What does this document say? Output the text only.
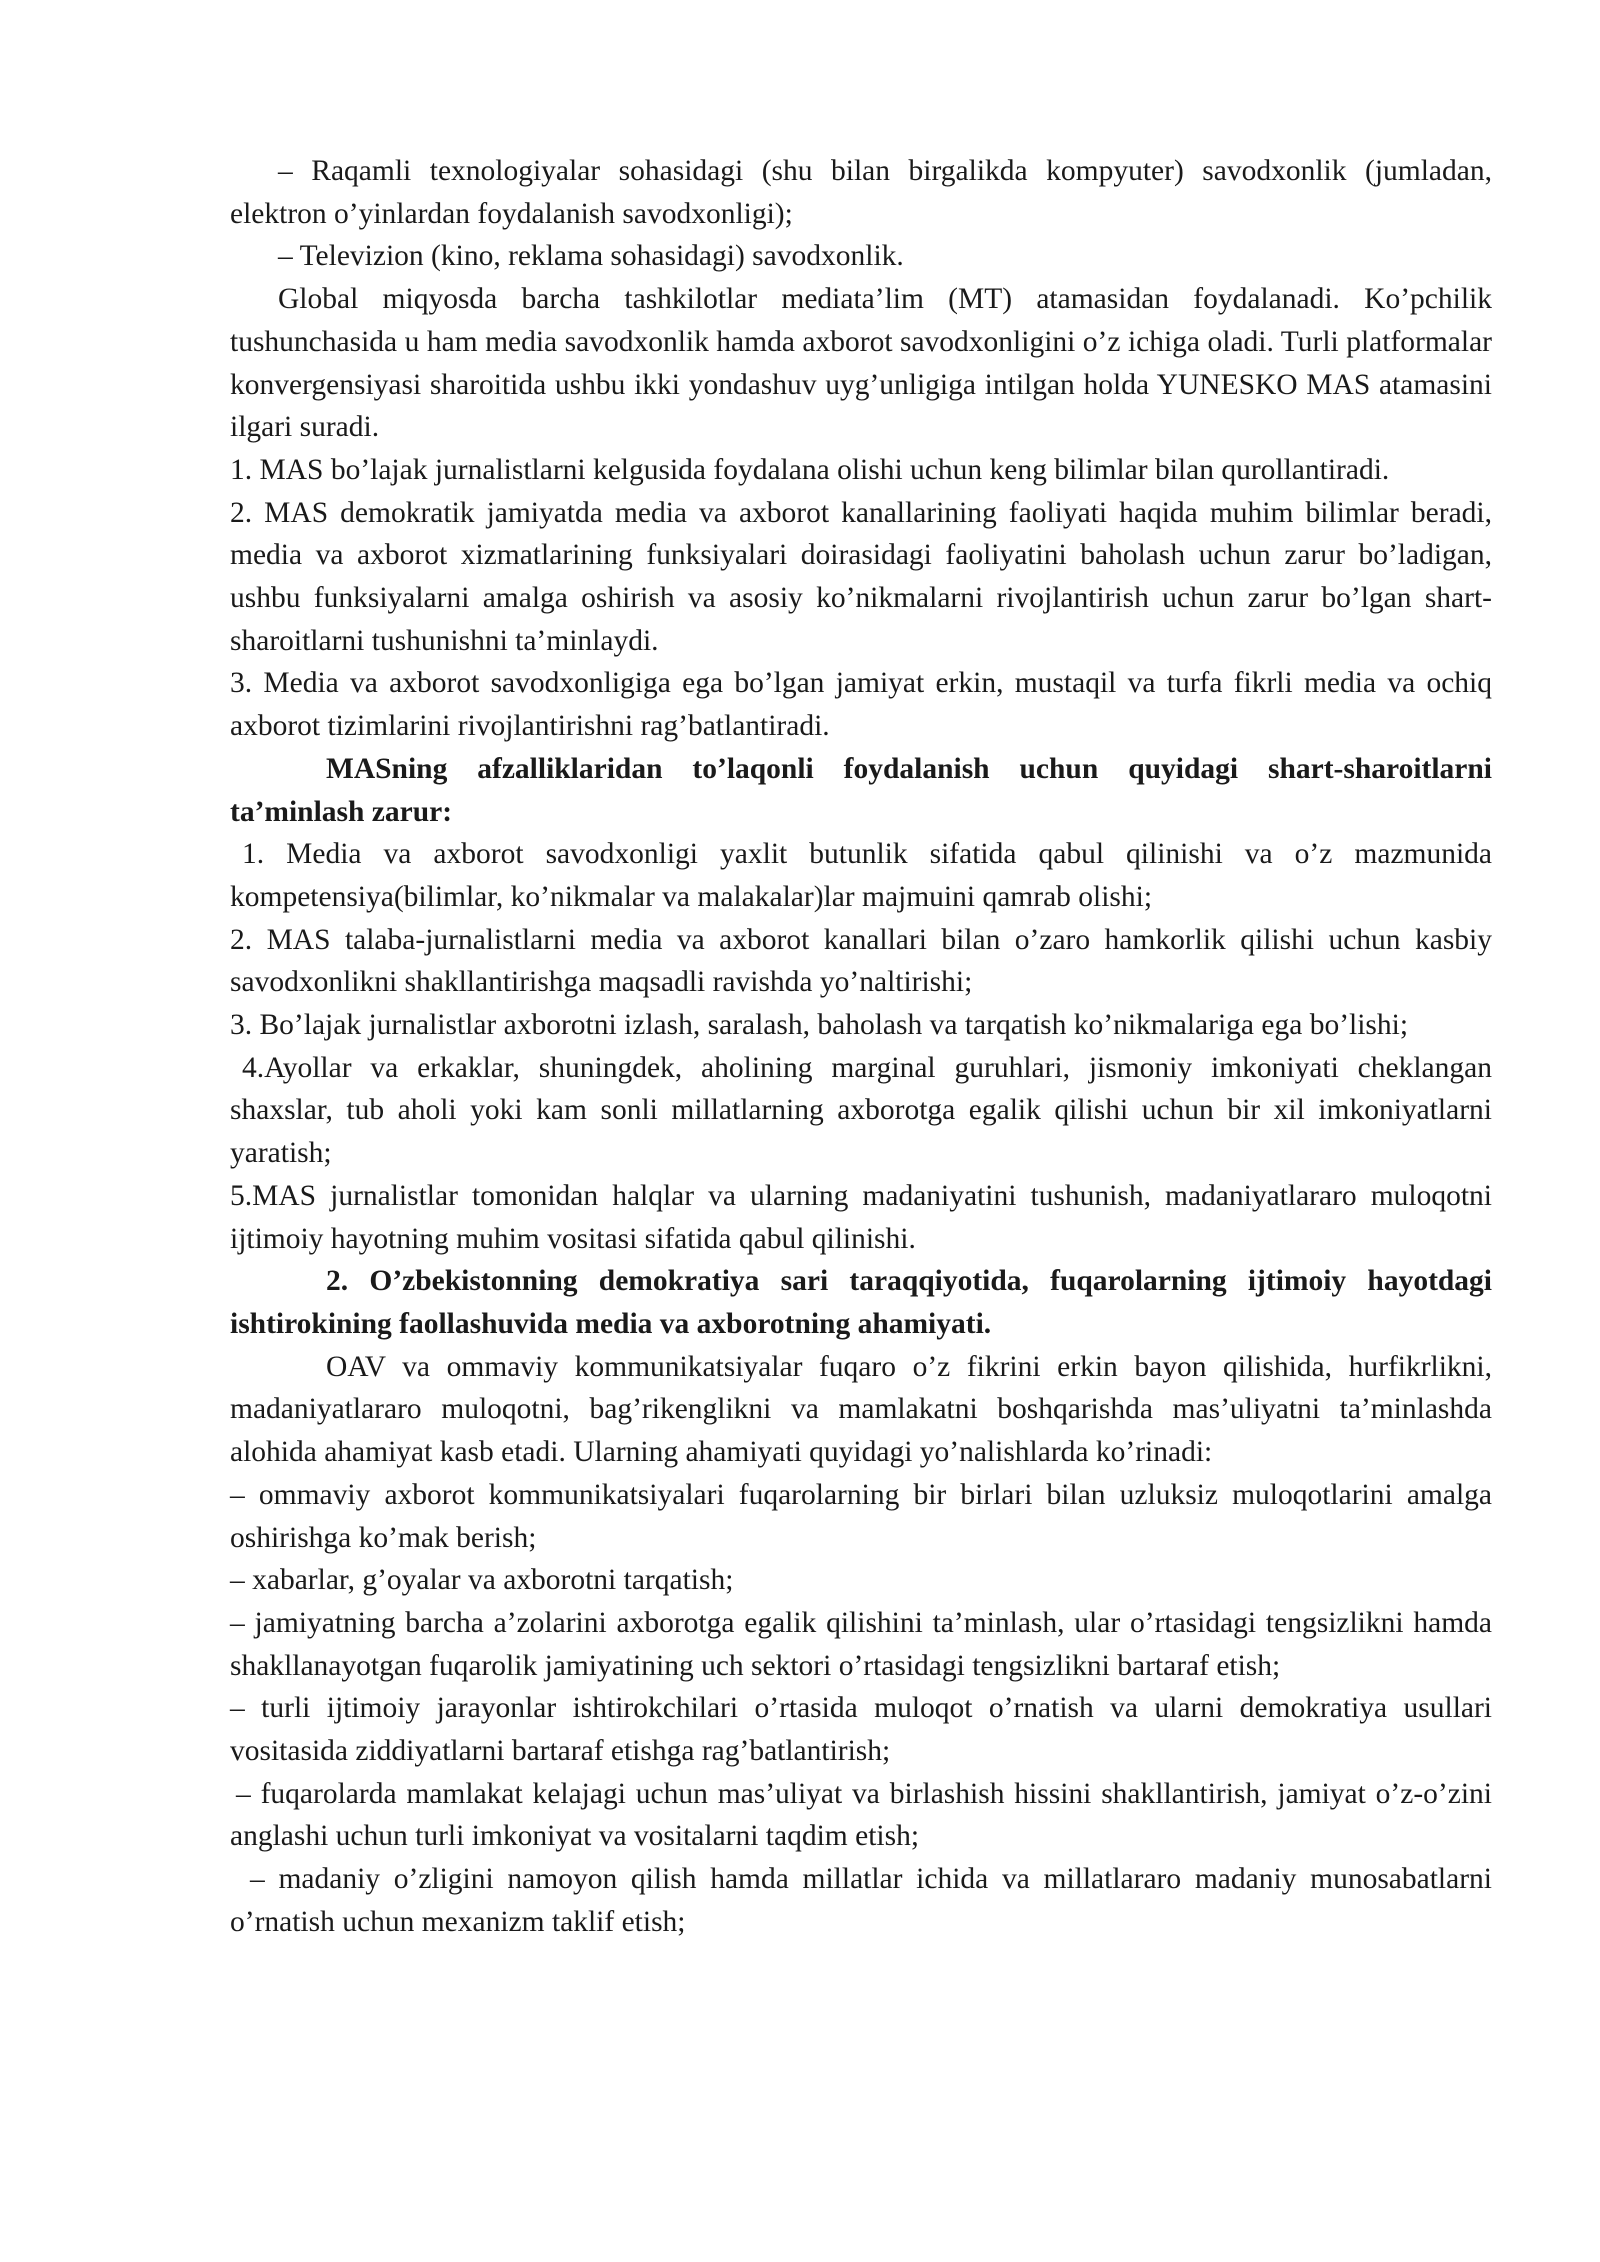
– Raqamli texnologiyalar sohasidagi (shu bilan birgalikda kompyuter) savodxonlik (jumladan, elektron o’yinlardan foydalanish savodxonligi);

– Televizion (kino, reklama sohasidagi) savodxonlik.

Global miqyosda barcha tashkilotlar mediata’lim (MT) atamasidan foydalanadi. Ko’pchilik tushunchasida u ham media savodxonlik hamda axborot savodxonligini o’z ichiga oladi. Turli platformalar konvergensiyasi sharoitida ushbu ikki yondashuv uyg’unligiga intilgan holda YUNESKO MAS atamasini ilgari suradi.

1. MAS bo’lajak jurnalistlarni kelgusida foydalana olishi uchun keng bilimlar bilan qurollantiradi.

2. MAS demokratik jamiyatda media va axborot kanallarining faoliyati haqida muhim bilimlar beradi, media va axborot xizmatlarining funksiyalari doirasidagi faoliyatini baholash uchun zarur bo’ladigan, ushbu funksiyalarni amalga oshirish va asosiy ko’nikmalarni rivojlantirish uchun zarur bo’lgan shart-sharoitlarni tushunishni ta’minlaydi.

3. Media va axborot savodxonligiga ega bo’lgan jamiyat erkin, mustaqil va turfa fikrli media va ochiq axborot tizimlarini rivojlantirishni rag’batlantiradi.

MASning afzalliklaridan to’laqonli foydalanish uchun quyidagi shart-sharoitlarni ta’minlash zarur:

1. Media va axborot savodxonligi yaxlit butunlik sifatida qabul qilinishi va o’z mazmunida kompetensiya(bilimlar, ko’nikmalar va malakalar)lar majmuini qamrab olishi;

2. MAS talaba-jurnalistlarni media va axborot kanallari bilan o’zaro hamkorlik qilishi uchun kasbiy savodxonlikni shakllantirishga maqsadli ravishda yo’naltirishi;

3. Bo’lajak jurnalistlar axborotni izlash, saralash, baholash va tarqatish ko’nikmalariga ega bo’lishi;

4.Ayollar va erkaklar, shuningdek, aholining marginal guruhlari, jismoniy imkoniyati cheklangan shaxslar, tub aholi yoki kam sonli millatlarning axborotga egalik qilishi uchun bir xil imkoniyatlarni yaratish;

5.MAS jurnalistlar tomonidan halqlar va ularning madaniyatini tushunish, madaniyatlararo muloqotni ijtimoiy hayotning muhim vositasi sifatida qabul qilinishi.

2. O’zbekistonning demokratiya sari taraqqiyotida, fuqarolarning ijtimoiy hayotdagi ishtirokining faollashuvida media va axborotning ahamiyati.

OAV va ommaviy kommunikatsiyalar fuqaro o’z fikrini erkin bayon qilishida, hurfikrlikni, madaniyatlararo muloqotni, bag’rikenglikni va mamlakatni boshqarishda mas’uliyatni ta’minlashda alohida ahamiyat kasb etadi. Ularning ahamiyati quyidagi yo’nalishlarda ko’rinadi:

– ommaviy axborot kommunikatsiyalari fuqarolarning bir birlari bilan uzluksiz muloqotlarini amalga oshirishga ko’mak berish;

– xabarlar, g’oyalar va axborotni tarqatish;

– jamiyatning barcha a’zolarini axborotga egalik qilishini ta’minlash, ular o’rtasidagi tengsizlikni hamda shakllanayotgan fuqarolik jamiyatining uch sektori o’rtasidagi tengsizlikni bartaraf etish;

– turli ijtimoiy jarayonlar ishtirokchilari o’rtasida muloqot o’rnatish va ularni demokratiya usullari vositasida ziddiyatlarni bartaraf etishga rag’batlantirish;

– fuqarolarda mamlakat kelajagi uchun mas’uliyat va birlashish hissini shakllantirish, jamiyat o’z-o’zini anglashi uchun turli imkoniyat va vositalarni taqdim etish;

– madaniy o’zligini namoyon qilish hamda millatlar ichida va millatlararo madaniy munosabatlarni o’rnatish uchun mexanizm taklif etish;
